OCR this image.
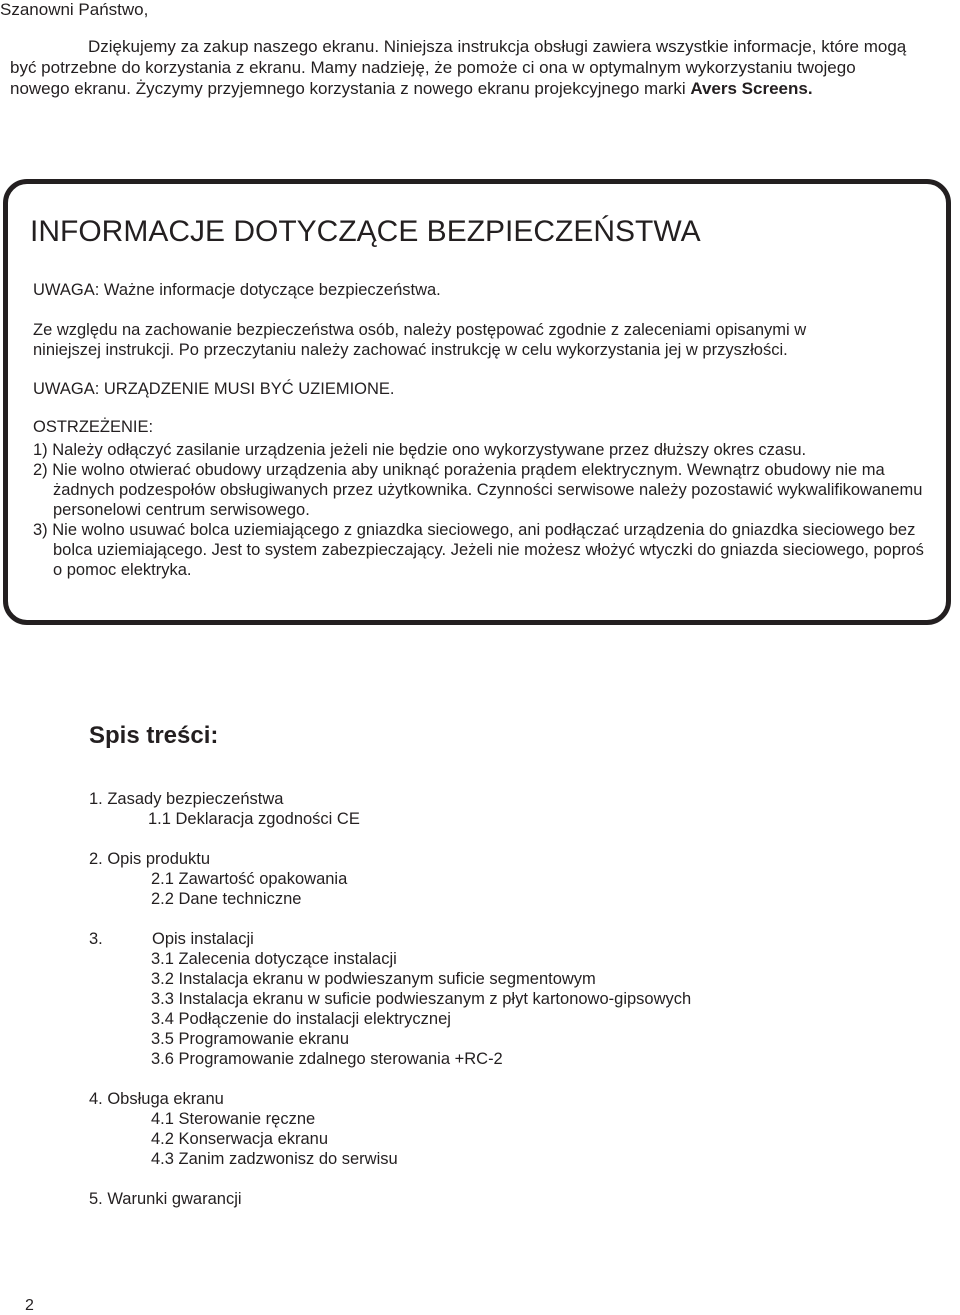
Szanowni Państwo,
Dziękujemy za zakup naszego ekranu. Niniejsza instrukcja obsługi zawiera wszystkie informacje, które mogą
być potrzebne do korzystania z ekranu. Mamy nadzieję, że pomoże ci ona w optymalnym wykorzystaniu twojego
nowego ekranu. Życzymy przyjemnego korzystania z nowego ekranu projekcyjnego marki Avers Screens.
INFORMACJE DOTYCZĄCE BEZPIECZEŃSTWA

UWAGA: Ważne informacje dotyczące bezpieczeństwa.

Ze względu na zachowanie bezpieczeństwa osób, należy postępować zgodnie z zaleceniami opisanymi w

niniejszej instrukcji. Po przeczytaniu należy zachować instrukcję w celu wykorzystania jej w przyszłości.

UWAGA: URZĄDZENIE MUSI BYĆ UZIEMIONE.

OSTRZEŻENIE:

1) Należy odłączyć zasilanie urządzenia jeżeli nie będzie ono wykorzystywane przez dłuższy okres czasu.
2) Nie wolno otwierać obudowy urządzenia aby uniknąć porażenia prądem elektrycznym. Wewnątrz obudowy nie ma żadnych podzespołów obsługiwanych przez użytkownika. Czynności serwisowe należy pozostawić wykwalifikowanemu personelowi centrum serwisowego.
3) Nie wolno usuwać bolca uziemiającego z gniazdka sieciowego, ani podłączać urządzenia do gniazdka sieciowego bez bolca uziemiającego. Jest to system zabezpieczający. Jeżeli nie możesz włożyć wtyczki do gniazda sieciowego, poproś o pomoc elektryka.
Spis treści:

1. Zasady bezpieczeństwa

1.1 Deklaracja zgodności CE

2. Opis produktu

2.1 Zawartość opakowania

2.2 Dane techniczne

3.	Opis instalacji

3.1 Zalecenia dotyczące instalacji

3.2 Instalacja ekranu w podwieszanym suficie segmentowym

3.3 Instalacja ekranu w suficie podwieszanym z płyt kartonowo-gipsowych

3.4 Podłączenie do instalacji elektrycznej

3.5 Programowanie ekranu

3.6 Programowanie zdalnego sterowania +RC-2

4. Obsługa ekranu

4.1 Sterowanie ręczne

4.2 Konserwacja ekranu

4.3 Zanim zadzwonisz do serwisu

5. Warunki gwarancji

2
